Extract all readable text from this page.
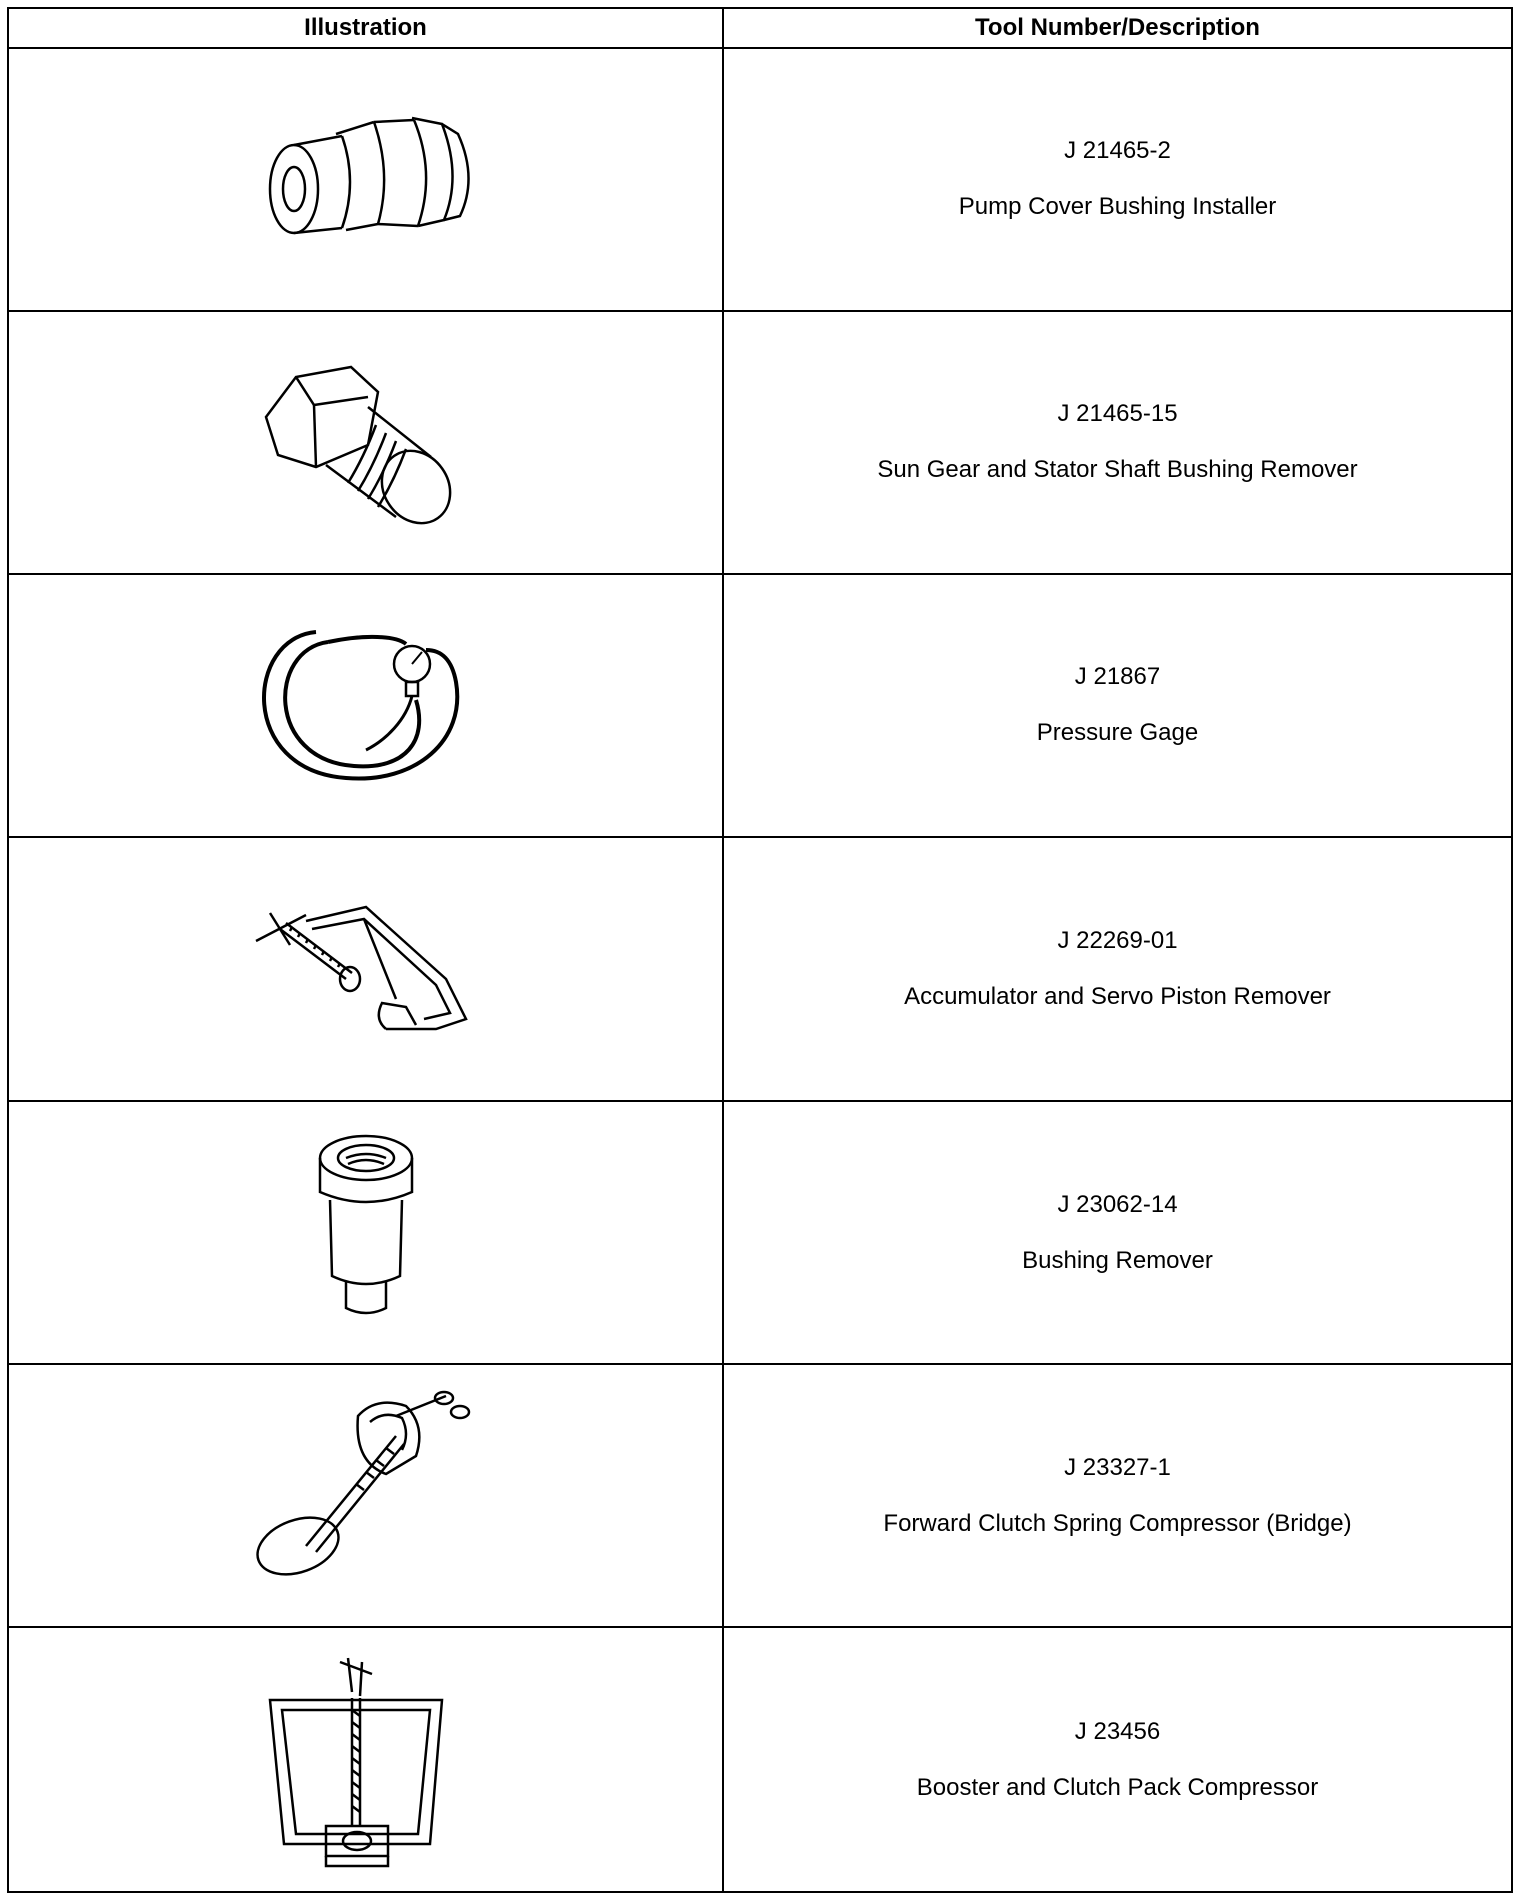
Illustration	Tool Number/Description

J 21465-2
Pump Cover Bushing Installer

J 21465-15
Sun Gear and Stator Shaft Bushing Remover

J 21867
Pressure Gage

J 22269-01
Accumulator and Servo Piston Remover

J 23062-14
Bushing Remover

J 23327-1
Forward Clutch Spring Compressor (Bridge)

J 23456
Booster and Clutch Pack Compressor
